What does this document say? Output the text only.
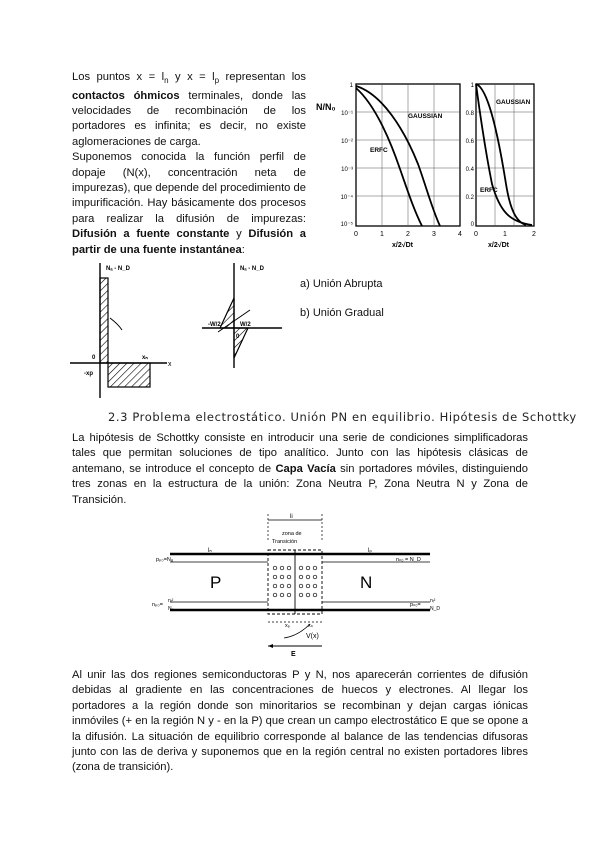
Los puntos $x = l_n$ y $x = l_p$ representan los contactos óhmicos terminales, donde las velocidades de recombinación de los portadores es infinita; es decir, no existe aglomeraciones de carga.
Suponemos conocida la función perfil de dopaje (N(x), concentración neta de impurezas), que depende del procedimiento de impurificación. Hay básicamente dos procesos para realizar la difusión de impurezas: Difusión a fuente constante y Difusión a partir de una fuente instantánea:
N/N₀
GAUSSIAN
ERFC
1
10⁻¹
10⁻²
10⁻³
10⁻⁴
10⁻⁵
0	1	2	3	4
x/2√Dt
GAUSSIAN
ERFC
1
0.8
0.6
0.4
0.2
0
0	1	2
x/2√Dt
Nₐ - N_D
x
xₙ
-xp
0
Nₐ - N_D
-W/2	W/2
0
a) Unión Abrupta
b) Unión Gradual
2.3 Problema electrostático. Unión PN en equilibrio. Hipótesis de Schottky
La hipótesis de Schottky consiste en introducir una serie de condiciones simplificadoras tales que permitan soluciones de tipo analítico. Junto con las hipótesis clásicas de antemano, se introduce el concepto de Capa Vacía sin portadores móviles, distinguiendo tres zonas en la estructura de la unión: Zona Neutra P, Zona Neutra N y Zona de Transición.
li
zona de
Transición
lₙ	lₚ
P	N
pₚ₀=Nₐ	nₙ₀ = N_D
nₚ₀=
nᵢ²
Nₐ
pₙ₀=
nᵢ²
N_D
xₚ	xₙ
V(x)
E
Al unir las dos regiones semiconductoras P y N, nos aparecerán corrientes de difusión debidas al gradiente en las concentraciones de huecos y electrones. Al llegar los portadores a la región donde son minoritarios se recombinan y dejan cargas iónicas inmóviles (+ en la región N y - en la P) que crean un campo electrostático E que se opone a la difusión. La situación de equilibrio corresponde al balance de las tendencias difusoras junto con las de deriva y suponemos que en la región central no existen portadores libres (zona de transición).
